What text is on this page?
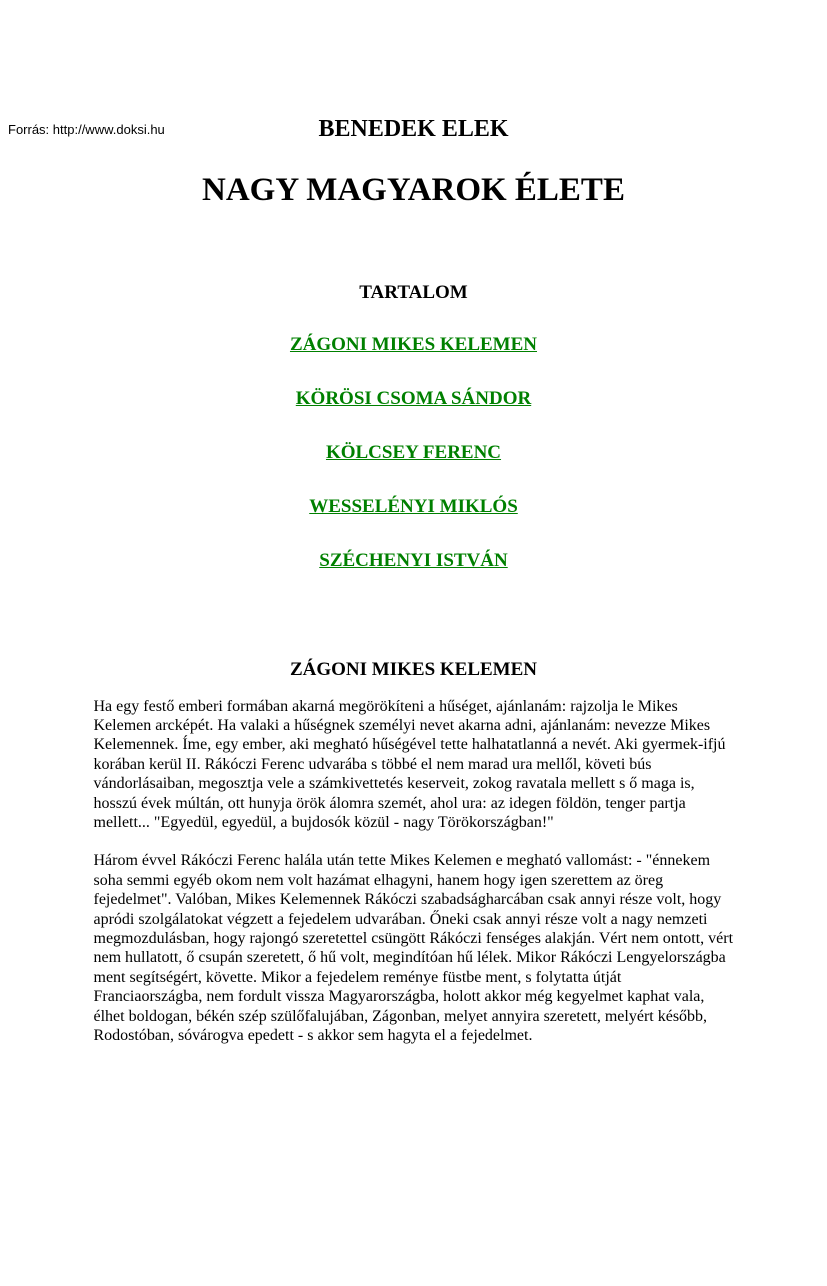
Forrás: http://www.doksi.hu	BENEDEK ELEK
NAGY MAGYAROK ÉLETE
TARTALOM
ZÁGONI MIKES KELEMEN
KÖRÖSI CSOMA SÁNDOR
KÖLCSEY FERENC
WESSELÉNYI MIKLÓS
SZÉCHENYI ISTVÁN
ZÁGONI MIKES KELEMEN

Ha egy festő emberi formában akarná megörökíteni a hűséget, ajánlanám: rajzolja le Mikes Kelemen arcképét. Ha valaki a hűségnek személyi nevet akarna adni, ajánlanám: nevezze Mikes Kelemennek. Íme, egy ember, aki megható hűségével tette halhatatlanná a nevét. Aki gyermek-ifjú korában kerül II. Rákóczi Ferenc udvarába s többé el nem marad ura mellől, követi bús vándorlásaiban, megosztja vele a számkivettetés keserveit, zokog ravatala mellett s ő maga is, hosszú évek múltán, ott hunyja örök álomra szemét, ahol ura: az idegen földön, tenger partja mellett... "Egyedül, egyedül, a bujdosók közül - nagy Törökországban!"

Három évvel Rákóczi Ferenc halála után tette Mikes Kelemen e megható vallomást: - "énnekem soha semmi egyéb okom nem volt hazámat elhagyni, hanem hogy igen szerettem az öreg fejedelmet". Valóban, Mikes Kelemennek Rákóczi szabadságharcában csak annyi része volt, hogy apródi szolgálatokat végzett a fejedelem udvarában. Őneki csak annyi része volt a nagy nemzeti megmozdulásban, hogy rajongó szeretettel csüngött Rákóczi fenséges alakján. Vért nem ontott, vért nem hullatott, ő csupán szeretett, ő hű volt, megindítóan hű lélek. Mikor Rákóczi Lengyelországba ment segítségért, követte. Mikor a fejedelem reménye füstbe ment, s folytatta útját Franciaországba, nem fordult vissza Magyarországba, holott akkor még kegyelmet kaphat vala, élhet boldogan, békén szép szülőfalujában, Zágonban, melyet annyira szeretett, melyért később, Rodostóban, sóvárogva epedett - s akkor sem hagyta el a fejedelmet.
